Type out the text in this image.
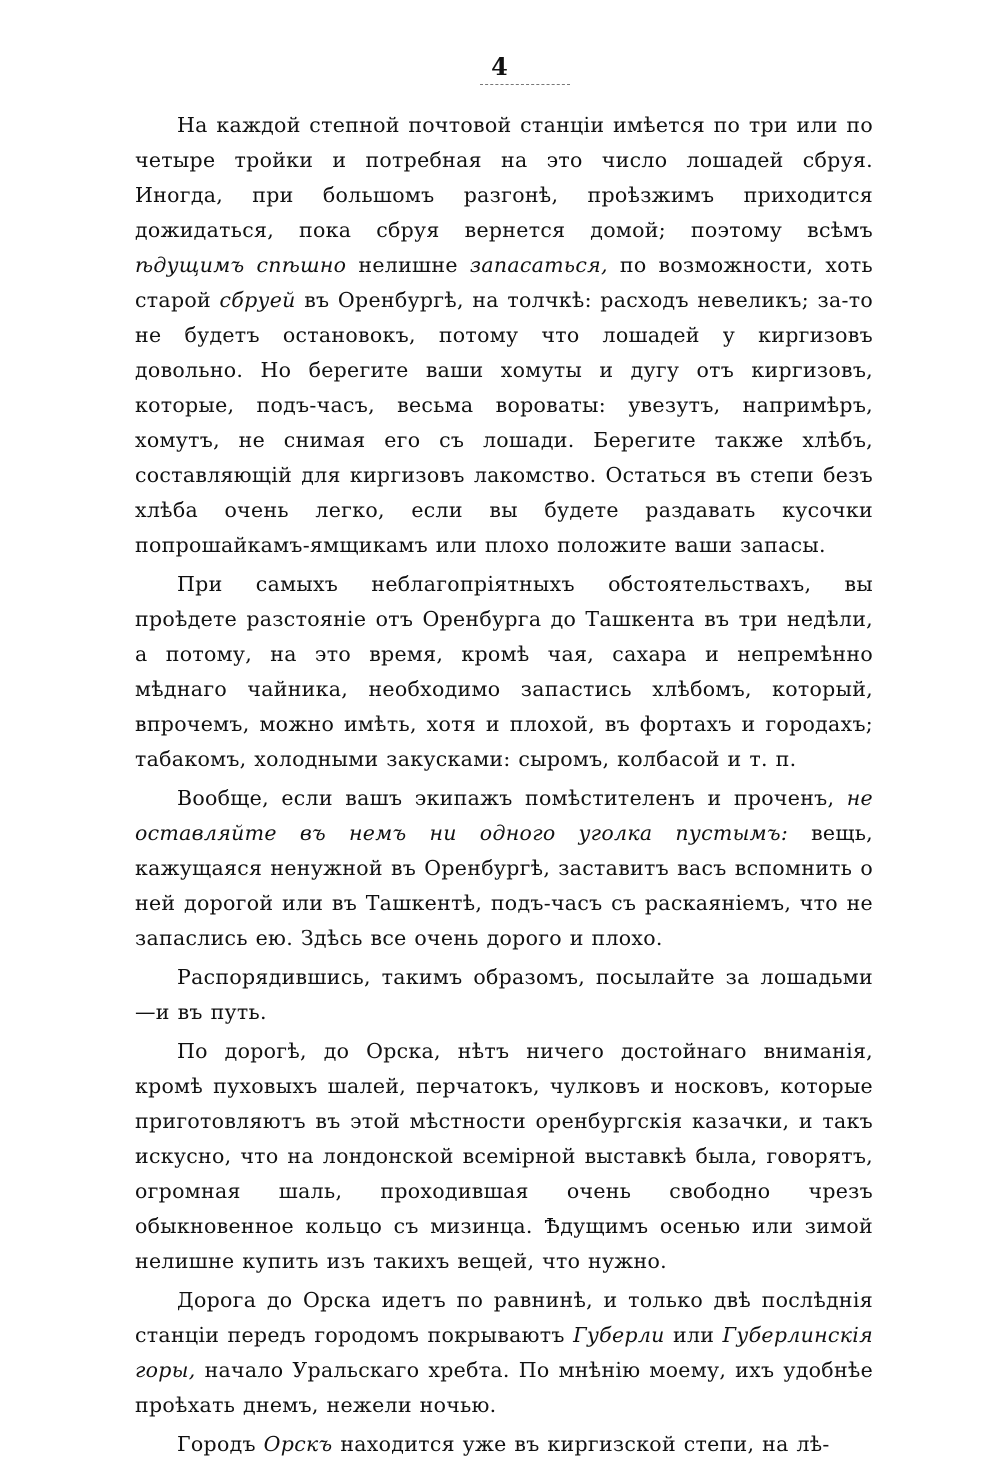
4

На каждой степной почтовой станціи имѣется по три или по четыре тройки и потребная на это число лошадей сбруя. Иногда, при большомъ разгонѣ, проѣзжимъ приходится дожидаться, пока сбруя вернется домой; поэтому всѣмъ ѣдущимъ спѣшно нелишне запасаться, по возможности, хоть старой сбруей въ Оренбургѣ, на толчкѣ: расходъ невеликъ; за-то не будетъ остановокъ, потому что лошадей у киргизовъ довольно. Но берегите ваши хомуты и дугу отъ киргизовъ, которые, подъ-часъ, весьма вороваты: увезутъ, напримѣръ, хомутъ, не снимая его съ лошади. Берегите также хлѣбъ, составляющій для киргизовъ лакомство. Остаться въ степи безъ хлѣба очень легко, если вы будете раздавать кусочки попрошайкамъ-ямщикамъ или плохо положите ваши запасы.

При самыхъ неблагопріятныхъ обстоятельствахъ, вы проѣдете разстояніе отъ Оренбурга до Ташкента въ три недѣли, а потому, на это время, кромѣ чая, сахара и непремѣнно мѣднаго чайника, необходимо запастись хлѣбомъ, который, впрочемъ, можно имѣть, хотя и плохой, въ фортахъ и городахъ; табакомъ, холодными закусками: сыромъ, колбасой и т. п.

Вообще, если вашъ экипажъ помѣстителенъ и проченъ, не оставляйте въ немъ ни одного уголка пустымъ: вещь, кажущаяся ненужной въ Оренбургѣ, заставитъ васъ вспомнить о ней дорогой или въ Ташкентѣ, подъ-часъ съ раскаяніемъ, что не запаслись ею. Здѣсь все очень дорого и плохо.

Распорядившись, такимъ образомъ, посылайте за лошадьми—и въ путь.

По дорогѣ, до Орска, нѣтъ ничего достойнаго вниманія, кромѣ пуховыхъ шалей, перчатокъ, чулковъ и носковъ, которые приготовляютъ въ этой мѣстности оренбургскія казачки, и такъ искусно, что на лондонской всемірной выставкѣ была, говорятъ, огромная шаль, проходившая очень свободно чрезъ обыкновенное кольцо съ мизинца. Ѣдущимъ осенью или зимой нелишне купить изъ такихъ вещей, что нужно.

Дорога до Орска идетъ по равнинѣ, и только двѣ послѣднія станціи передъ городомъ покрываютъ Губерли или Губерлинскія горы, начало Уральскаго хребта. По мнѣнію моему, ихъ удобнѣе проѣхать днемъ, нежели ночью.

Городъ Орскъ находится уже въ киргизской степи, на лѣ-
